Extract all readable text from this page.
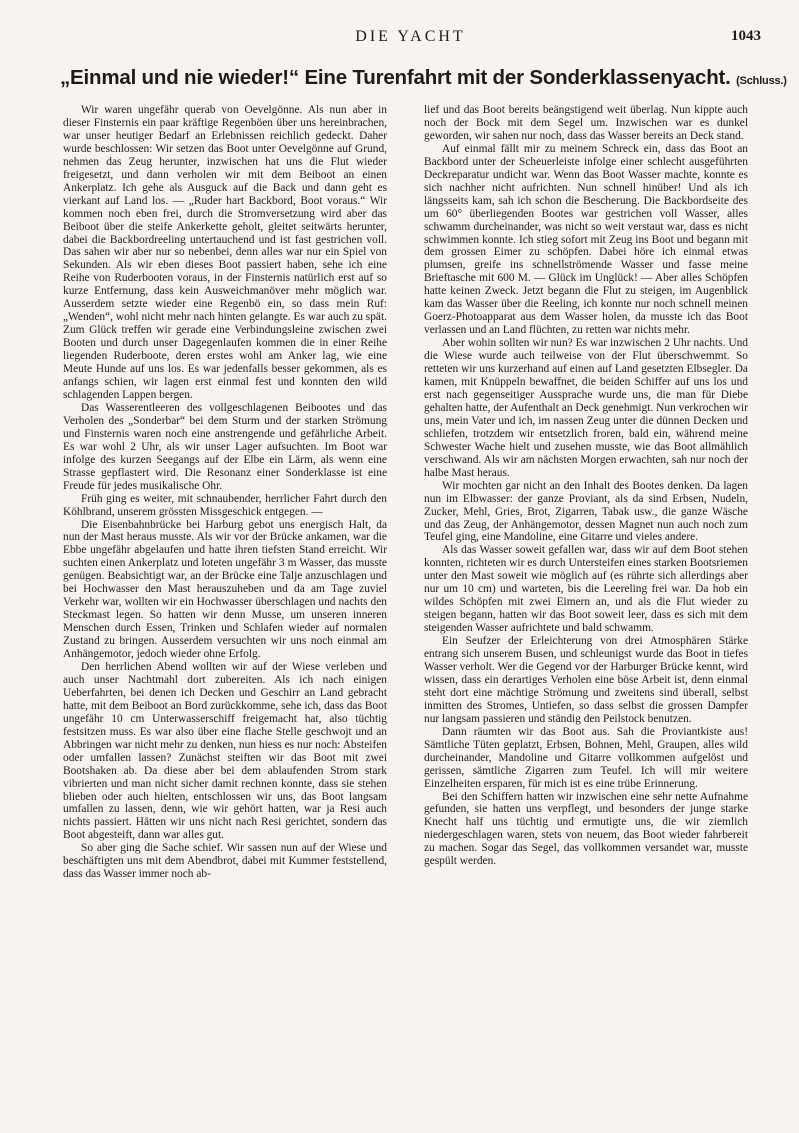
DIE YACHT	1043
„Einmal und nie wieder!“ Eine Turenfahrt mit der Sonderklassenyacht. (Schluss.)

Wir waren ungefähr querab von Oevelgönne. Als nun aber in dieser Finsternis ein paar kräftige Regenböen über uns hereinbrachen, war unser heutiger Bedarf an Erlebnissen reichlich gedeckt. Daher wurde beschlossen: Wir setzen das Boot unter Oevelgönne auf Grund, nehmen das Zeug herunter, inzwischen hat uns die Flut wieder freigesetzt, und dann verholen wir mit dem Beiboot an einen Ankerplatz. Ich gehe als Ausguck auf die Back und dann geht es vierkant auf Land los. — „Ruder hart Backbord, Boot voraus.“ Wir kommen noch eben frei, durch die Stromversetzung wird aber das Beiboot über die steife Ankerkette geholt, gleitet seitwärts herunter, dabei die Backbordreeling untertauchend und ist fast gestrichen voll. Das sahen wir aber nur so nebenbei, denn alles war nur ein Spiel von Sekunden. Als wir eben dieses Boot passiert haben, sehe ich eine Reihe von Ruderbooten voraus, in der Finsternis natürlich erst auf so kurze Entfernung, dass kein Ausweichmanöver mehr möglich war. Ausserdem setzte wieder eine Regenbö ein, so dass mein Ruf: „Wenden“, wohl nicht mehr nach hinten gelangte. Es war auch zu spät. Zum Glück treffen wir gerade eine Verbindungsleine zwischen zwei Booten und durch unser Dagegenlaufen kommen die in einer Reihe liegenden Ruderboote, deren erstes wohl am Anker lag, wie eine Meute Hunde auf uns los. Es war jedenfalls besser gekommen, als es anfangs schien, wir lagen erst einmal fest und konnten den wild schlagenden Lappen bergen.

Das Wasserentleeren des vollgeschlagenen Beibootes und das Verholen des „Sonderbar“ bei dem Sturm und der starken Strömung und Finsternis waren noch eine anstrengende und gefährliche Arbeit. Es war wohl 2 Uhr, als wir unser Lager aufsuchten. Im Boot war infolge des kurzen Seegangs auf der Elbe ein Lärm, als wenn eine Strasse gepflastert wird. Die Resonanz einer Sonderklasse ist eine Freude für jedes musikalische Ohr.

Früh ging es weiter, mit schnaubender, herrlicher Fahrt durch den Köhlbrand, unserem grössten Missgeschick entgegen. —

Die Eisenbahnbrücke bei Harburg gebot uns energisch Halt, da nun der Mast heraus musste. Als wir vor der Brücke ankamen, war die Ebbe ungefähr abgelaufen und hatte ihren tiefsten Stand erreicht. Wir suchten einen Ankerplatz und loteten ungefähr 3 m Wasser, das musste genügen. Beabsichtigt war, an der Brücke eine Talje anzuschlagen und bei Hochwasser den Mast herauszuheben und da am Tage zuviel Verkehr war, wollten wir ein Hochwasser überschlagen und nachts den Steckmast legen. So hatten wir denn Musse, um unseren inneren Menschen durch Essen, Trinken und Schlafen wieder auf normalen Zustand zu bringen. Ausserdem versuchten wir uns noch einmal am Anhängemotor, jedoch wieder ohne Erfolg.

Den herrlichen Abend wollten wir auf der Wiese verleben und auch unser Nachtmahl dort zubereiten. Als ich nach einigen Ueberfahrten, bei denen ich Decken und Geschirr an Land gebracht hatte, mit dem Beiboot an Bord zurückkomme, sehe ich, dass das Boot ungefähr 10 cm Unterwasserschiff freigemacht hat, also tüchtig festsitzen muss. Es war also über eine flache Stelle geschwojt und an Abbringen war nicht mehr zu denken, nun hiess es nur noch: Absteifen oder umfallen lassen? Zunächst steiften wir das Boot mit zwei Bootshaken ab. Da diese aber bei dem ablaufenden Strom stark vibrierten und man nicht sicher damit rechnen konnte, dass sie stehen blieben oder auch hielten, entschlossen wir uns, das Boot langsam umfallen zu lassen, denn, wie wir gehört hatten, war ja Resi auch nichts passiert. Hätten wir uns nicht nach Resi gerichtet, sondern das Boot abgesteift, dann war alles gut.

So aber ging die Sache schief. Wir sassen nun auf der Wiese und beschäftigten uns mit dem Abendbrot, dabei mit Kummer feststellend, dass das Wasser immer noch ab-

lief und das Boot bereits beängstigend weit überlag. Nun kippte auch noch der Bock mit dem Segel um. Inzwischen war es dunkel geworden, wir sahen nur noch, dass das Wasser bereits an Deck stand.

Auf einmal fällt mir zu meinem Schreck ein, dass das Boot an Backbord unter der Scheuerleiste infolge einer schlecht ausgeführten Deckreparatur undicht war. Wenn das Boot Wasser machte, konnte es sich nachher nicht aufrichten. Nun schnell hinüber! Und als ich längsseits kam, sah ich schon die Bescherung. Die Backbordseite des um 60° überliegenden Bootes war gestrichen voll Wasser, alles schwamm durcheinander, was nicht so weit verstaut war, dass es nicht schwimmen konnte. Ich stieg sofort mit Zeug ins Boot und begann mit dem grossen Eimer zu schöpfen. Dabei höre ich einmal etwas plumsen, greife ins schnellströmende Wasser und fasse meine Brieftasche mit 600 M. — Glück im Unglück! — Aber alles Schöpfen hatte keinen Zweck. Jetzt begann die Flut zu steigen, im Augenblick kam das Wasser über die Reeling, ich konnte nur noch schnell meinen Goerz-Photoapparat aus dem Wasser holen, da musste ich das Boot verlassen und an Land flüchten, zu retten war nichts mehr.

Aber wohin sollten wir nun? Es war inzwischen 2 Uhr nachts. Und die Wiese wurde auch teilweise von der Flut überschwemmt. So retteten wir uns kurzerhand auf einen auf Land gesetzten Elbsegler. Da kamen, mit Knüppeln bewaffnet, die beiden Schiffer auf uns los und erst nach gegenseitiger Aussprache wurde uns, die man für Diebe gehalten hatte, der Aufenthalt an Deck genehmigt. Nun verkrochen wir uns, mein Vater und ich, im nassen Zeug unter die dünnen Decken und schliefen, trotzdem wir entsetzlich froren, bald ein, während meine Schwester Wache hielt und zusehen musste, wie das Boot allmählich verschwand. Als wir am nächsten Morgen erwachten, sah nur noch der halbe Mast heraus.

Wir mochten gar nicht an den Inhalt des Bootes denken. Da lagen nun im Elbwasser: der ganze Proviant, als da sind Erbsen, Nudeln, Zucker, Mehl, Gries, Brot, Zigarren, Tabak usw., die ganze Wäsche und das Zeug, der Anhängemotor, dessen Magnet nun auch noch zum Teufel ging, eine Mandoline, eine Gitarre und vieles andere.

Als das Wasser soweit gefallen war, dass wir auf dem Boot stehen konnten, richteten wir es durch Untersteifen eines starken Bootsriemen unter den Mast soweit wie möglich auf (es rührte sich allerdings aber nur um 10 cm) und warteten, bis die Leereling frei war. Da hob ein wildes Schöpfen mit zwei Eimern an, und als die Flut wieder zu steigen begann, hatten wir das Boot soweit leer, dass es sich mit dem steigenden Wasser aufrichtete und bald schwamm.

Ein Seufzer der Erleichterung von drei Atmosphären Stärke entrang sich unserem Busen, und schleunigst wurde das Boot in tiefes Wasser verholt. Wer die Gegend vor der Harburger Brücke kennt, wird wissen, dass ein derartiges Verholen eine böse Arbeit ist, denn einmal steht dort eine mächtige Strömung und zweitens sind überall, selbst inmitten des Stromes, Untiefen, so dass selbst die grossen Dampfer nur langsam passieren und ständig den Peilstock benutzen.

Dann räumten wir das Boot aus. Sah die Proviantkiste aus! Sämtliche Tüten geplatzt, Erbsen, Bohnen, Mehl, Graupen, alles wild durcheinander, Mandoline und Gitarre vollkommen aufgelöst und gerissen, sämtliche Zigarren zum Teufel. Ich will mir weitere Einzelheiten ersparen, für mich ist es eine trübe Erinnerung.

Bei den Schiffern hatten wir inzwischen eine sehr nette Aufnahme gefunden, sie hatten uns verpflegt, und besonders der junge starke Knecht half uns tüchtig und ermutigte uns, die wir ziemlich niedergeschlagen waren, stets von neuem, das Boot wieder fahrbereit zu machen. Sogar das Segel, das vollkommen versandet war, musste gespült werden.
